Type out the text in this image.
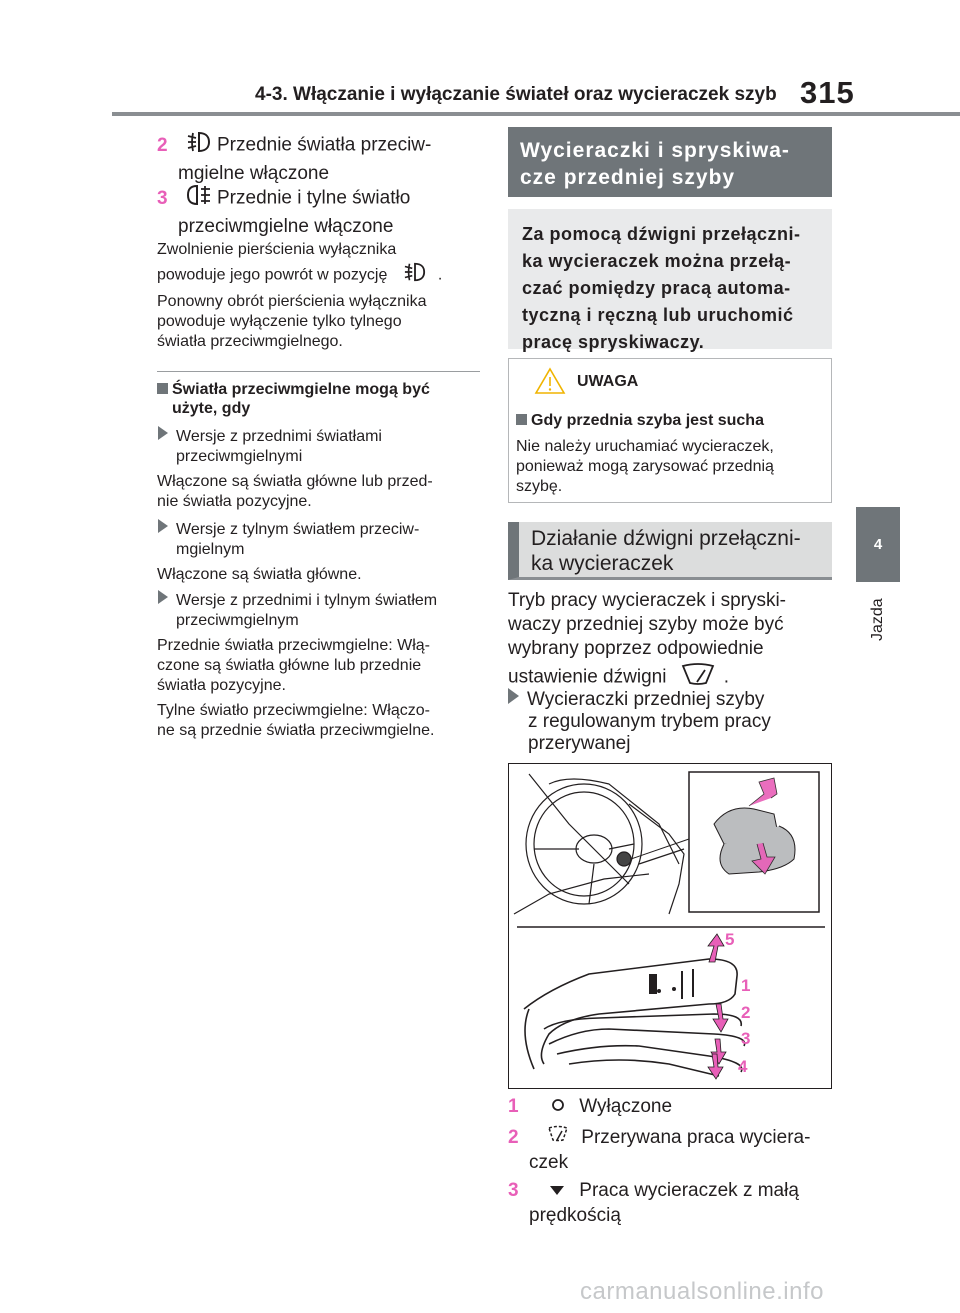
4-3. Włączanie i wyłączanie świateł oraz wycieraczek szyb 315
4
Jazda
2	Przednie światła przeciw-
mgielne włączone
3	Przednie i tylne światło
przeciwmgielne włączone
Zwolnienie pierścienia wyłącznika
powoduje jego powrót w pozycję	.
Ponowny obrót pierścienia wyłącznika
powoduje wyłączenie tylko tylnego
światła przeciwmgielnego.
Światła przeciwmgielne mogą być
użyte, gdy
Wersje z przednimi światłami
przeciwmgielnymi
Włączone są światła główne lub przed-
nie światła pozycyjne.
Wersje z tylnym światłem przeciw-
mgielnym
Włączone są światła główne.
Wersje z przednimi i tylnym światłem
przeciwmgielnym
Przednie światła przeciwmgielne: Włą-
czone są światła główne lub przednie
światła pozycyjne.
Tylne światło przeciwmgielne: Włączo-
ne są przednie światła przeciwmgielne.
Wycieraczki i spryskiwa-
cze przedniej szyby
Za pomocą dźwigni przełączni-
ka wycieraczek można przełą-
czać pomiędzy pracą automa-
tyczną i ręczną lub uruchomić
pracę spryskiwaczy.
UWAGA
Gdy przednia szyba jest sucha
Nie należy uruchamiać wycieraczek,
ponieważ mogą zarysować przednią
szybę.
Działanie dźwigni przełączni-
ka wycieraczek
Tryb pracy wycieraczek i spryski-
waczy przedniej szyby może być
wybrany poprzez odpowiednie
ustawienie dźwigni	.
Wycieraczki przedniej szyby
z regulowanym trybem pracy
przerywanej
5
1
2
3
4
1	Wyłączone
2	Przerywana praca wyciera-
czek
3	Praca wycieraczek z małą
prędkością
carmanualsonline.info
